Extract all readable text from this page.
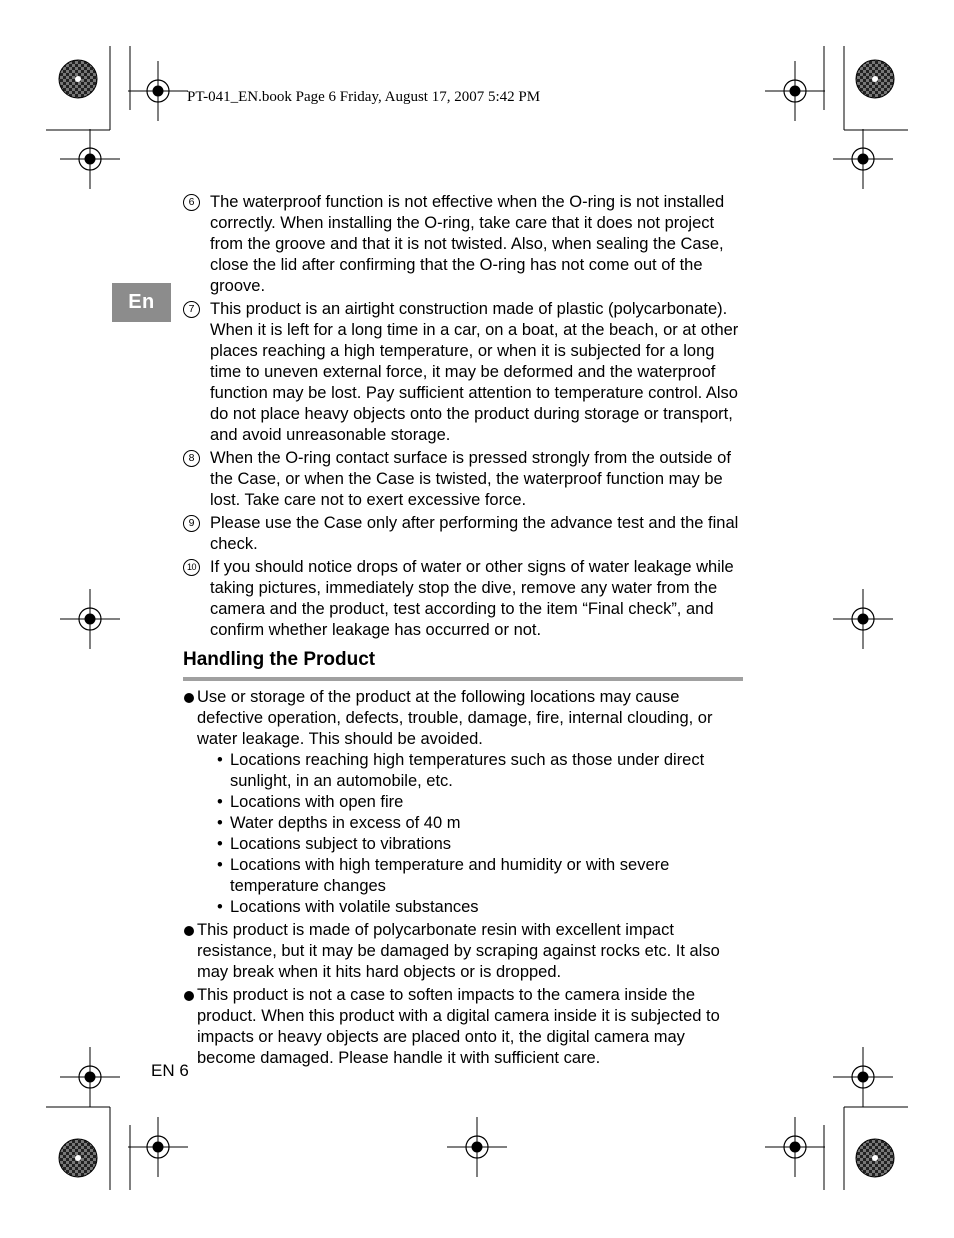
PT-041_EN.book Page 6 Friday, August 17, 2007 5:42 PM
En
6 The waterproof function is not effective when the O-ring is not installed correctly. When installing the O-ring, take care that it does not project from the groove and that it is not twisted. Also, when sealing the Case, close the lid after confirming that the O-ring has not come out of the groove.
7 This product is an airtight construction made of plastic (polycarbonate). When it is left for a long time in a car, on a boat, at the beach, or at other places reaching a high temperature, or when it is subjected for a long time to uneven external force, it may be deformed and the waterproof function may be lost. Pay sufficient attention to temperature control. Also do not place heavy objects onto the product during storage or transport, and avoid unreasonable storage.
8 When the O-ring contact surface is pressed strongly from the outside of the Case, or when the Case is twisted, the waterproof function may be lost. Take care not to exert excessive force.
9 Please use the Case only after performing the advance test and the final check.
10 If you should notice drops of water or other signs of water leakage while taking pictures, immediately stop the dive, remove any water from the camera and the product, test according to the item “Final check”, and confirm whether leakage has occurred or not.
Handling the Product
Use or storage of the product at the following locations may cause defective operation, defects, trouble, damage, fire, internal clouding, or water leakage. This should be avoided.
• Locations reaching high temperatures such as those under direct sunlight, in an automobile, etc.
• Locations with open fire
• Water depths in excess of 40 m
• Locations subject to vibrations
• Locations with high temperature and humidity or with severe temperature changes
• Locations with volatile substances
This product is made of polycarbonate resin with excellent impact resistance, but it may be damaged by scraping against rocks etc. It also may break when it hits hard objects or is dropped.
This product is not a case to soften impacts to the camera inside the product. When this product with a digital camera inside it is subjected to impacts or heavy objects are placed onto it, the digital camera may become damaged. Please handle it with sufficient care.
EN 6
